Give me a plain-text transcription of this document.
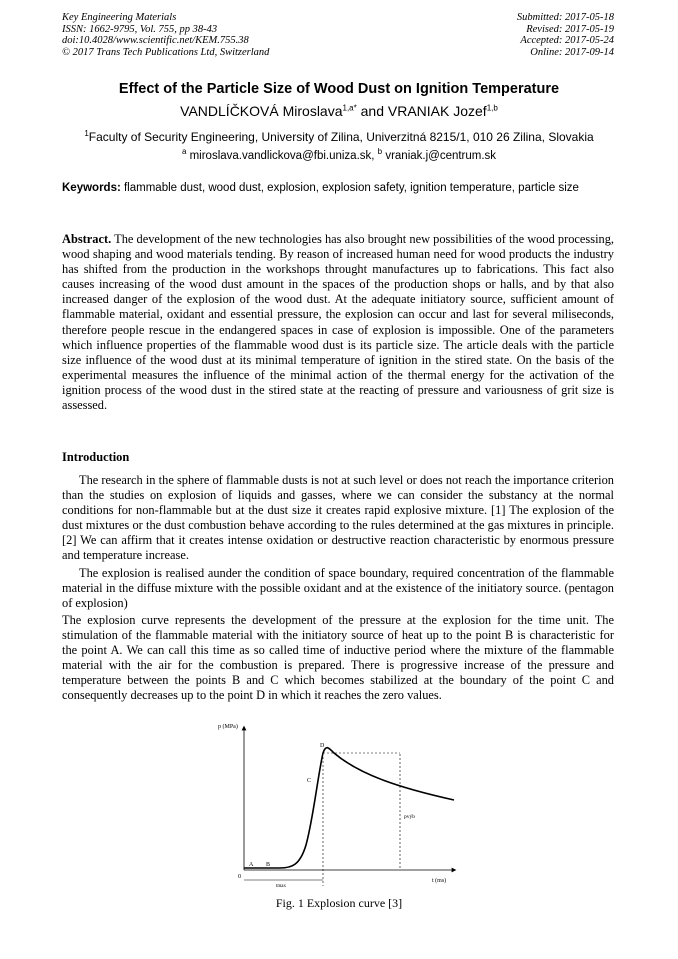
Key Engineering Materials
ISSN: 1662-9795, Vol. 755, pp 38-43
doi:10.4028/www.scientific.net/KEM.755.38
© 2017 Trans Tech Publications Ltd, Switzerland
Submitted: 2017-05-18
Revised: 2017-05-19
Accepted: 2017-05-24
Online: 2017-09-14
Effect of the Particle Size of Wood Dust on Ignition Temperature
VANDLÍČKOVÁ Miroslava$^{1,a*}$ and VRANIAK Jozef$^{1,b}$
$^1$Faculty of Security Engineering, University of Zilina, Univerzitná 8215/1, 010 26 Zilina, Slovakia
$^a$ miroslava.vandlickova@fbi.uniza.sk, $^b$ vraniak.j@centrum.sk
Keywords: flammable dust, wood dust, explosion, explosion safety, ignition temperature, particle size
Abstract. The development of the new technologies has also brought new possibilities of the wood processing, wood shaping and wood materials tending. By reason of increased human need for wood products the industry has shifted from the production in the workshops throught manufactures up to fabrications. This fact also causes increasing of the wood dust amount in the spaces of the production shops or halls, and by that also increased danger of the explosion of the wood dust. At the adequate initiatory source, sufficient amount of flammable material, oxidant and essential pressure, the explosion can occur and last for several miliseconds, therefore people rescue in the endangered spaces in case of explosion is impossible. One of the parameters which influence properties of the flammable wood dust is its particle size. The article deals with the particle size influence of the wood dust at its minimal temperature of ignition in the stired state. On the basis of the experimental measures the influence of the minimal action of the thermal energy for the activation of the ignition process of the wood dust in the stired state at the reacting of pressure and variousness of grit size is assessed.
Introduction
The research in the sphere of flammable dusts is not at such level or does not reach the importance criterion than the studies on explosion of liquids and gasses, where we can consider the substancy at the normal conditions for non-flammable but at the dust size it creates rapid explosive mixture. [1] The explosion of the dust mixtures or the dust combustion behave according to the rules determined at the gas mixtures in principle. [2] We can affirm that it creates intense oxidation or destructive reaction characteristic by enormous pressure and temperature increase.
The explosion is realised aunder the condition of space boundary, required concentration of the flammable material in the diffuse mixture with the possible oxidant and at the existence of the initiatory source. (pentagon of explosion)
The explosion curve represents the development of the pressure at the explosion for the time unit. The stimulation of the flammable material with the initiatory source of heat up to the point B is characteristic for the point A. We can call this time as so called time of inductive period where the mixture of the flammable material with the air for the combustion is prepared. There is progressive increase of the pressure and temperature between the points B and C which becomes stabilized at the boundary of the point C and consequently decreases up to the point D in which it reaches the zero values.
p (MPa)
t (ms)
0
A B
C
D
tmax
pvýb
Fig. 1 Explosion curve [3]
